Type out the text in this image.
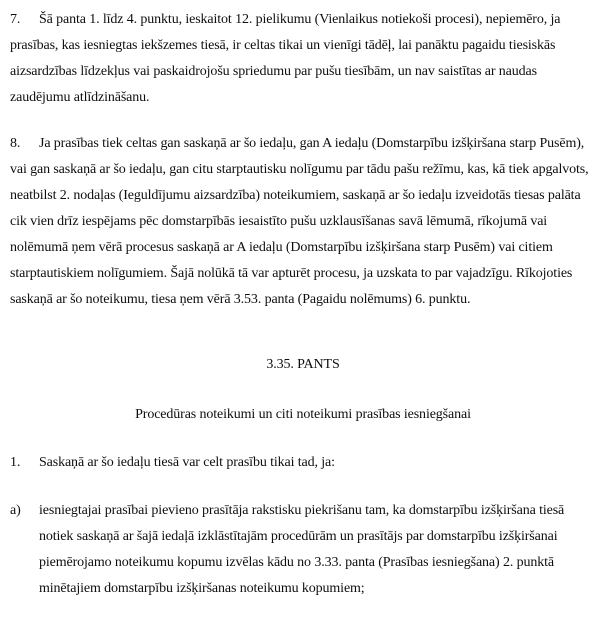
7. Šā panta 1. līdz 4. punktu, ieskaitot 12. pielikumu (Vienlaikus notiekoši procesi), nepiemēro, ja prasības, kas iesniegtas iekšzemes tiesā, ir celtas tikai un vienīgi tādēļ, lai panāktu pagaidu tiesiskās aizsardzības līdzekļus vai paskaidrojošu spriedumu par pušu tiesībām, un nav saistītas ar naudas zaudējumu atlīdzināšanu.

8. Ja prasības tiek celtas gan saskaņā ar šo iedaļu, gan A iedaļu (Domstarpību izšķiršana starp Pusēm), vai gan saskaņā ar šo iedaļu, gan citu starptautisku nolīgumu par tādu pašu režīmu, kas, kā tiek apgalvots, neatbilst 2. nodaļas (Ieguldījumu aizsardzība) noteikumiem, saskaņā ar šo iedaļu izveidotās tiesas palāta cik vien drīz iespējams pēc domstarpībās iesaistīto pušu uzklausīšanas savā lēmumā, rīkojumā vai nolēmumā ņem vērā procesus saskaņā ar A iedaļu (Domstarpību izšķiršana starp Pusēm) vai citiem starptautiskiem nolīgumiem. Šajā nolūkā tā var apturēt procesu, ja uzskata to par vajadzīgu. Rīkojoties saskaņā ar šo noteikumu, tiesa ņem vērā 3.53. panta (Pagaidu nolēmums) 6. punktu.

3.35. PANTS
Procedūras noteikumi un citi noteikumi prasības iesniegšanai
1.	Saskaņā ar šo iedaļu tiesā var celt prasību tikai tad, ja:
a)	iesniegtajai prasībai pievieno prasītāja rakstisku piekrišanu tam, ka domstarpību izšķiršana tiesā notiek saskaņā ar šajā iedaļā izklāstītajām procedūrām un prasītājs par domstarpību izšķiršanai piemērojamo noteikumu kopumu izvēlas kādu no 3.33. panta (Prasības iesniegšana) 2. punktā minētajiem domstarpību izšķiršanas noteikumu kopumiem;
